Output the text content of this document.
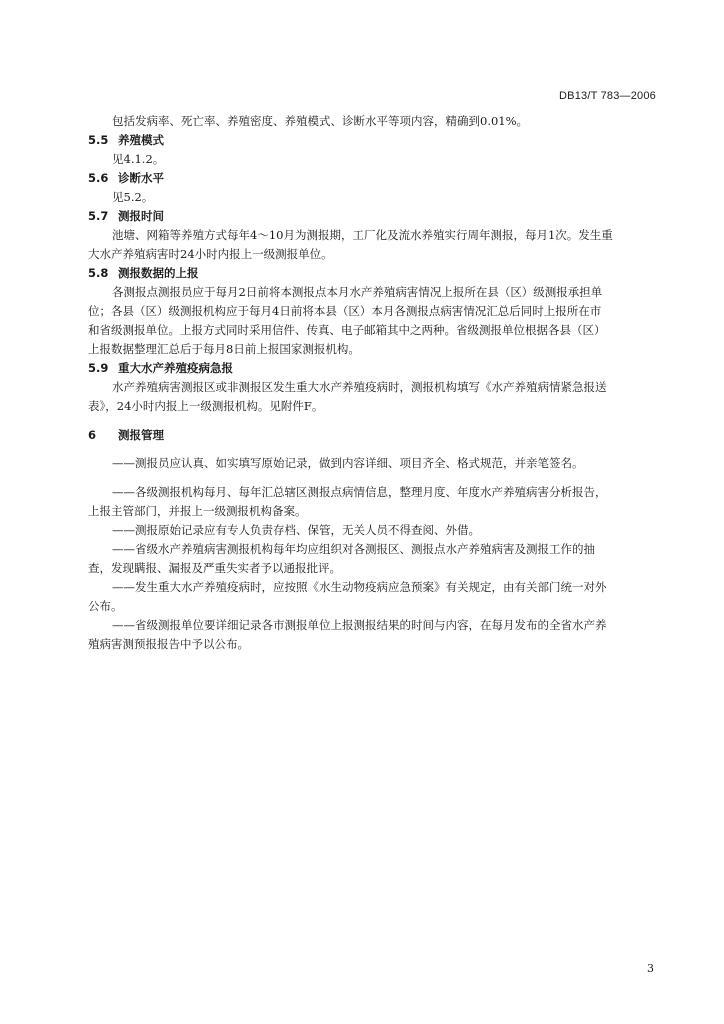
DB13/T 783—2006
包括发病率、死亡率、养殖密度、养殖模式、诊断水平等项内容，精确到0.01%。
5.5 养殖模式
见4.1.2。
5.6 诊断水平
见5.2。
5.7 测报时间
池塘、网箱等养殖方式每年4～10月为测报期，工厂化及流水养殖实行周年测报，每月1次。发生重
大水产养殖病害时24小时内报上一级测报单位。
5.8 测报数据的上报
各测报点测报员应于每月2日前将本测报点本月水产养殖病害情况上报所在县（区）级测报承担单
位；各县（区）级测报机构应于每月4日前将本县（区）本月各测报点病害情况汇总后同时上报所在市
和省级测报单位。上报方式同时采用信件、传真、电子邮箱其中之两种。省级测报单位根据各县（区）
上报数据整理汇总后于每月8日前上报国家测报机构。
5.9 重大水产养殖疫病急报
水产养殖病害测报区或非测报区发生重大水产养殖疫病时，测报机构填写《水产养殖病情紧急报送
表》，24小时内报上一级测报机构。见附件F。
6 测报管理
——测报员应认真、如实填写原始记录，做到内容详细、项目齐全、格式规范，并亲笔签名。
——各级测报机构每月、每年汇总辖区测报点病情信息，整理月度、年度水产养殖病害分析报告，
上报主管部门，并报上一级测报机构备案。
——测报原始记录应有专人负责存档、保管，无关人员不得查阅、外借。
——省级水产养殖病害测报机构每年均应组织对各测报区、测报点水产养殖病害及测报工作的抽
查，发现瞒报、漏报及严重失实者予以通报批评。
——发生重大水产养殖疫病时，应按照《水生动物疫病应急预案》有关规定，由有关部门统一对外
公布。
——省级测报单位要详细记录各市测报单位上报测报结果的时间与内容，在每月发布的全省水产养
殖病害测预报报告中予以公布。
3
